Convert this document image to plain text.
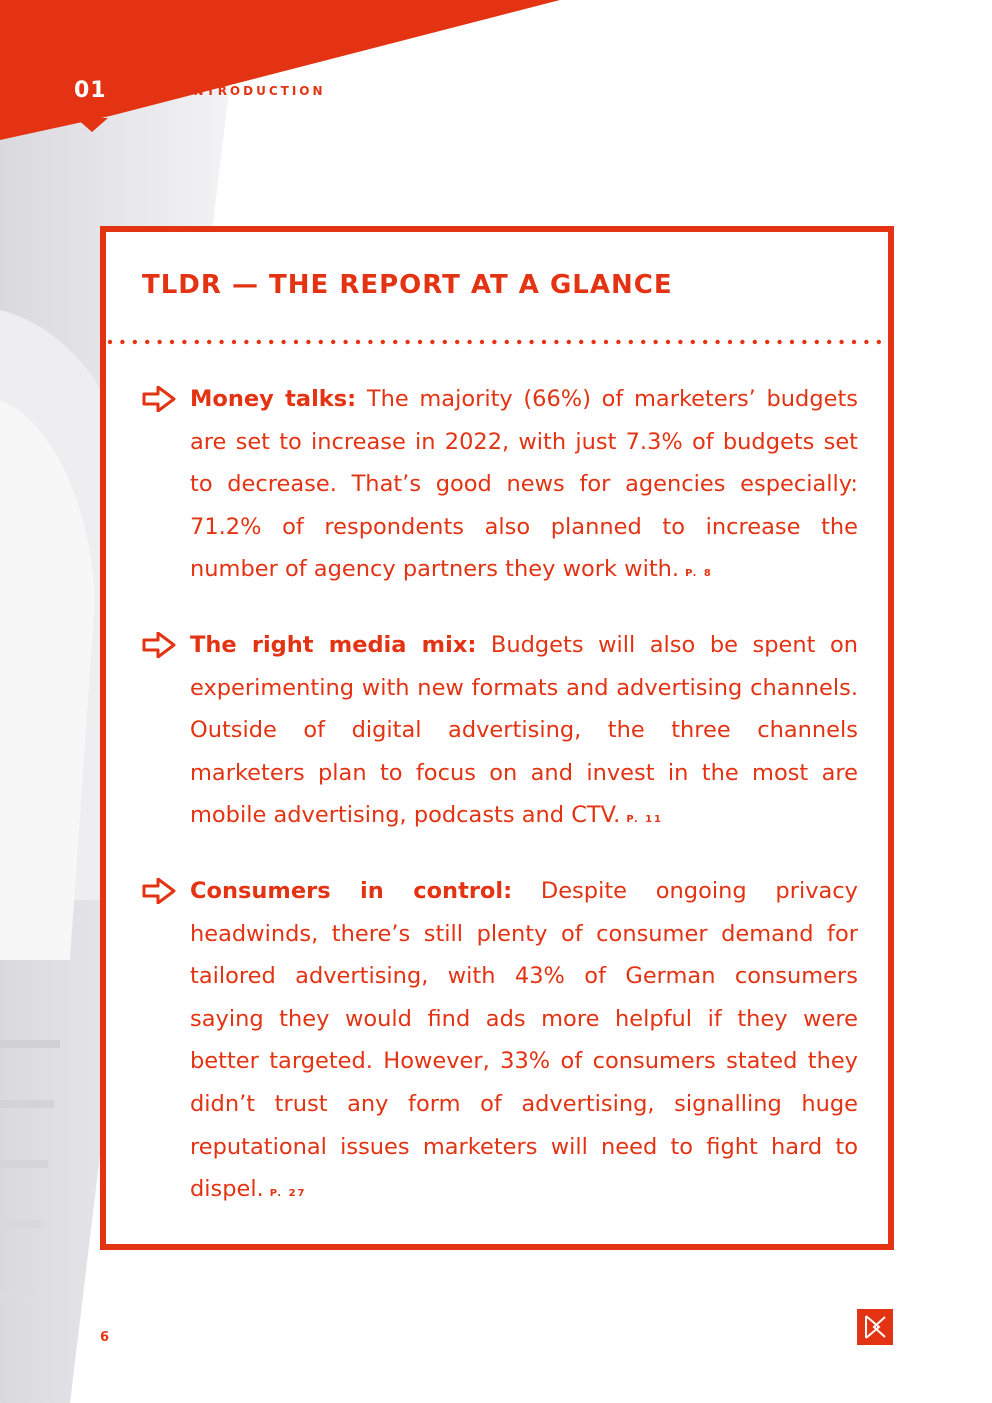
01	INTRODUCTION
TLDR — THE REPORT AT A GLANCE

Money talks: The majority (66%) of marketers’ budgets are set to increase in 2022, with just 7.3% of budgets set to decrease. That’s good news for agencies especially: 71.2% of respondents also planned to increase the number of agency partners they work with. P. 8

The right media mix: Budgets will also be spent on experimenting with new formats and advertising channels. Outside of digital advertising, the three channels marketers plan to focus on and invest in the most are mobile advertising, podcasts and CTV. P. 11

Consumers in control: Despite ongoing privacy headwinds, there’s still plenty of consumer demand for tailored advertising, with 43% of German consumers saying they would find ads more helpful if they were better targeted. However, 33% of consumers stated they didn’t trust any form of advertising, signalling huge reputational issues marketers will need to fight hard to dispel. P. 27

6
